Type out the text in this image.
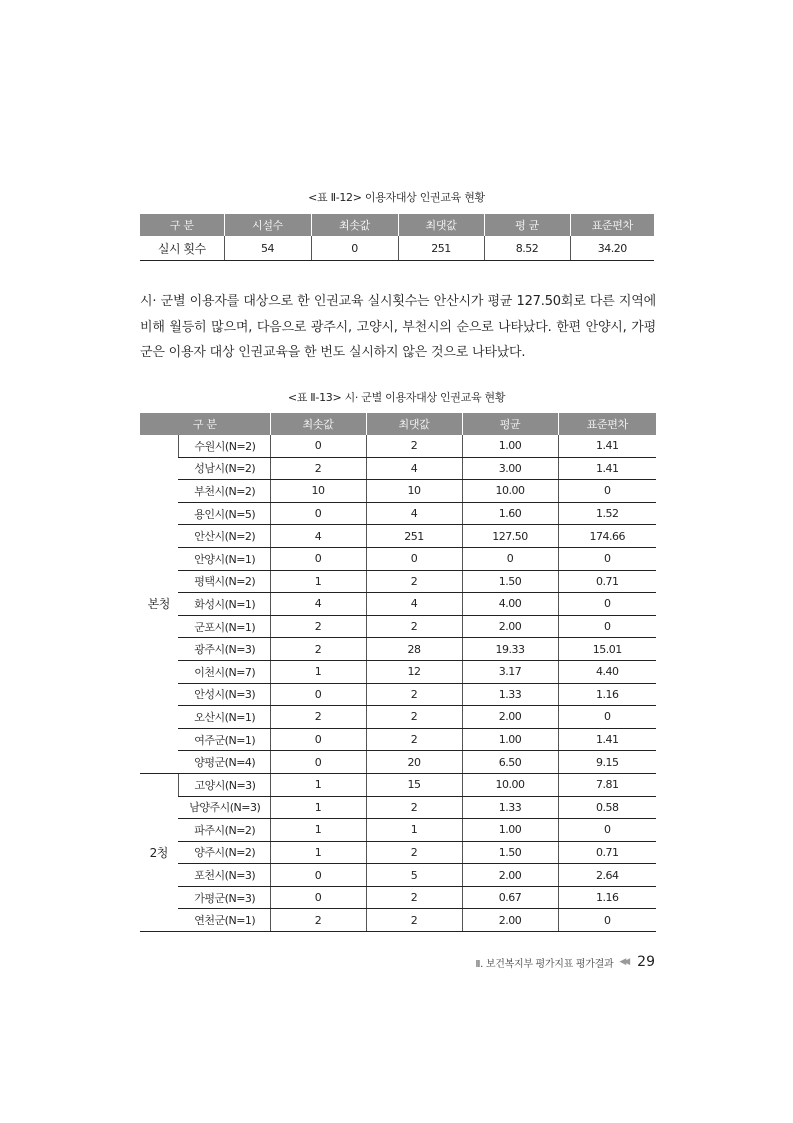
<표 Ⅱ-12> 이용자대상 인권교육 현황
구 분	시설수	최솟값	최댓값	평 균	표준편차
실시 횟수	54	0	251	8.52	34.20

시· 군별 이용자를 대상으로 한 인권교육 실시횟수는 안산시가 평균 127.50회로 다른 지역에 비해 월등히 많으며, 다음으로 광주시, 고양시, 부천시의 순으로 나타났다. 한편 안양시, 가평군은 이용자 대상 인권교육을 한 번도 실시하지 않은 것으로 나타났다.

<표 Ⅱ-13> 시· 군별 이용자대상 인권교육 현황
구 분		최솟값	최댓값	평균	표준편차
본청	수원시(N=2)	0	2	1.00	1.41
	성남시(N=2)	2	4	3.00	1.41
	부천시(N=2)	10	10	10.00	0
	용인시(N=5)	0	4	1.60	1.52
	안산시(N=2)	4	251	127.50	174.66
	안양시(N=1)	0	0	0	0
	평택시(N=2)	1	2	1.50	0.71
	화성시(N=1)	4	4	4.00	0
	군포시(N=1)	2	2	2.00	0
	광주시(N=3)	2	28	19.33	15.01
	이천시(N=7)	1	12	3.17	4.40
	안성시(N=3)	0	2	1.33	1.16
	오산시(N=1)	2	2	2.00	0
	여주군(N=1)	0	2	1.00	1.41
	양평군(N=4)	0	20	6.50	9.15
2청	고양시(N=3)	1	15	10.00	7.81
	남양주시(N=3)	1	2	1.33	0.58
	파주시(N=2)	1	1	1.00	0
	양주시(N=2)	1	2	1.50	0.71
	포천시(N=3)	0	5	2.00	2.64
	가평군(N=3)	0	2	0.67	1.16
	연천군(N=1)	2	2	2.00	0
Ⅱ. 보건복지부 평가지표 평가결과 ◀◀ 29
